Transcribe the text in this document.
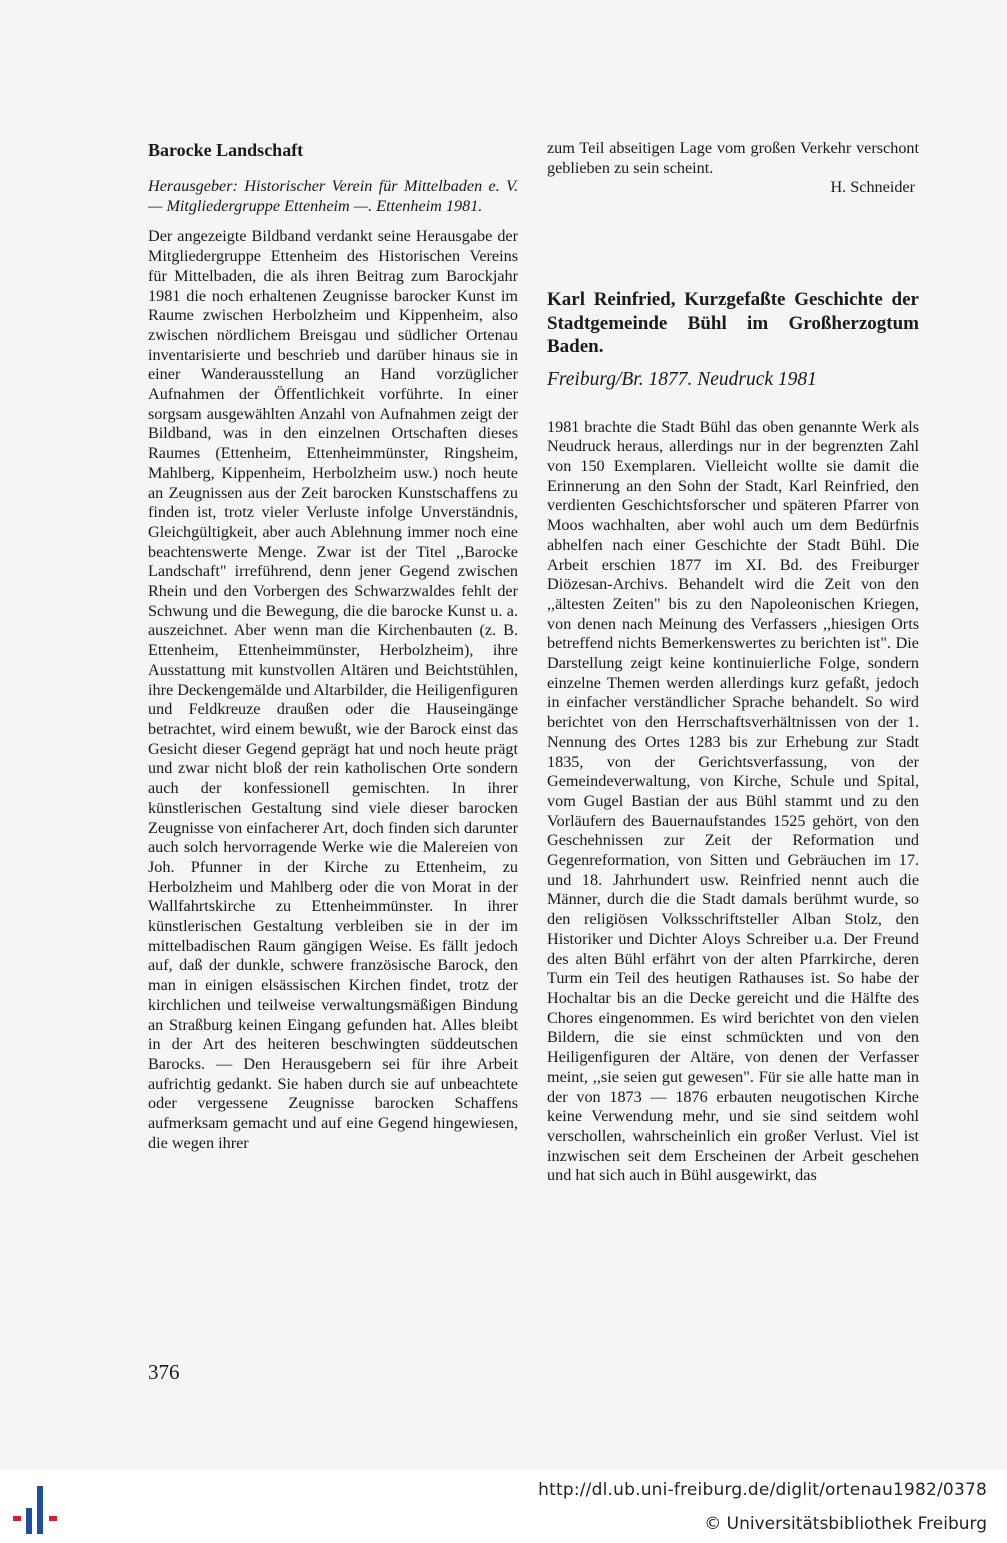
Barocke Landschaft

Herausgeber: Historischer Verein für Mittelbaden e. V.— Mitgliedergruppe Ettenheim —. Ettenheim 1981.

Der angezeigte Bildband verdankt seine Herausgabe der Mitgliedergruppe Ettenheim des Historischen Vereins für Mittelbaden, die als ihren Beitrag zum Barockjahr 1981 die noch erhaltenen Zeugnisse barocker Kunst im Raume zwischen Herbolzheim und Kippenheim, also zwischen nördlichem Breisgau und südlicher Ortenau inventarisierte und beschrieb und darüber hinaus sie in einer Wanderausstellung an Hand vorzüglicher Aufnahmen der Öffentlichkeit vorführte. In einer sorgsam ausgewählten Anzahl von Aufnahmen zeigt der Bildband, was in den einzelnen Ortschaften dieses Raumes (Ettenheim, Ettenheimmünster, Ringsheim, Mahlberg, Kippenheim, Herbolzheim usw.) noch heute an Zeugnissen aus der Zeit barocken Kunstschaffens zu finden ist, trotz vieler Verluste infolge Unverständnis, Gleichgültigkeit, aber auch Ablehnung immer noch eine beachtenswerte Menge. Zwar ist der Titel ,,Barocke Landschaft" irreführend, denn jener Gegend zwischen Rhein und den Vorbergen des Schwarzwaldes fehlt der Schwung und die Bewegung, die die barocke Kunst u. a. auszeichnet. Aber wenn man die Kirchenbauten (z. B. Ettenheim, Ettenheimmünster, Herbolzheim), ihre Ausstattung mit kunstvollen Altären und Beichtstühlen, ihre Deckengemälde und Altarbilder, die Heiligenfiguren und Feldkreuze draußen oder die Hauseingänge betrachtet, wird einem bewußt, wie der Barock einst das Gesicht dieser Gegend geprägt hat und noch heute prägt und zwar nicht bloß der rein katholischen Orte sondern auch der konfessionell gemischten. In ihrer künstlerischen Gestaltung sind viele dieser barocken Zeugnisse von einfacherer Art, doch finden sich darunter auch solch hervorragende Werke wie die Malereien von Joh. Pfunner in der Kirche zu Ettenheim, zu Herbolzheim und Mahlberg oder die von Morat in der Wallfahrtskirche zu Ettenheimmünster. In ihrer künstlerischen Gestaltung verbleiben sie in der im mittelbadischen Raum gängigen Weise. Es fällt jedoch auf, daß der dunkle, schwere französische Barock, den man in einigen elsässischen Kirchen findet, trotz der kirchlichen und teilweise verwaltungsmäßigen Bindung an Straßburg keinen Eingang gefunden hat. Alles bleibt in der Art des heiteren beschwingten süddeutschen Barocks. — Den Herausgebern sei für ihre Arbeit aufrichtig gedankt. Sie haben durch sie auf unbeachtete oder vergessene Zeugnisse barocken Schaffens aufmerksam gemacht und auf eine Gegend hingewiesen, die wegen ihrer

zum Teil abseitigen Lage vom großen Verkehr verschont geblieben zu sein scheint.

H. Schneider

Karl Reinfried, Kurzgefaßte Geschichte der Stadtgemeinde Bühl im Großherzogtum Baden.

Freiburg/Br. 1877. Neudruck 1981

1981 brachte die Stadt Bühl das oben genannte Werk als Neudruck heraus, allerdings nur in der begrenzten Zahl von 150 Exemplaren. Vielleicht wollte sie damit die Erinnerung an den Sohn der Stadt, Karl Reinfried, den verdienten Geschichtsforscher und späteren Pfarrer von Moos wachhalten, aber wohl auch um dem Bedürfnis abhelfen nach einer Geschichte der Stadt Bühl. Die Arbeit erschien 1877 im XI. Bd. des Freiburger Diözesan-Archivs. Behandelt wird die Zeit von den ,,ältesten Zeiten" bis zu den Napoleonischen Kriegen, von denen nach Meinung des Verfassers ,,hiesigen Orts betreffend nichts Bemerkenswertes zu berichten ist". Die Darstellung zeigt keine kontinuierliche Folge, sondern einzelne Themen werden allerdings kurz gefaßt, jedoch in einfacher verständlicher Sprache behandelt. So wird berichtet von den Herrschaftsverhältnissen von der 1. Nennung des Ortes 1283 bis zur Erhebung zur Stadt 1835, von der Gerichtsverfassung, von der Gemeindeverwaltung, von Kirche, Schule und Spital, vom Gugel Bastian der aus Bühl stammt und zu den Vorläufern des Bauernaufstandes 1525 gehört, von den Geschehnissen zur Zeit der Reformation und Gegenreformation, von Sitten und Gebräuchen im 17. und 18. Jahrhundert usw. Reinfried nennt auch die Männer, durch die die Stadt damals berühmt wurde, so den religiösen Volksschriftsteller Alban Stolz, den Historiker und Dichter Aloys Schreiber u.a. Der Freund des alten Bühl erfährt von der alten Pfarrkirche, deren Turm ein Teil des heutigen Rathauses ist. So habe der Hochaltar bis an die Decke gereicht und die Hälfte des Chores eingenommen. Es wird berichtet von den vielen Bildern, die sie einst schmückten und von den Heiligenfiguren der Altäre, von denen der Verfasser meint, ,,sie seien gut gewesen". Für sie alle hatte man in der von 1873 — 1876 erbauten neugotischen Kirche keine Verwendung mehr, und sie sind seitdem wohl verschollen, wahrscheinlich ein großer Verlust. Viel ist inzwischen seit dem Erscheinen der Arbeit geschehen und hat sich auch in Bühl ausgewirkt, das

376
http://dl.ub.uni-freiburg.de/diglit/ortenau1982/0378
© Universitätsbibliothek Freiburg
